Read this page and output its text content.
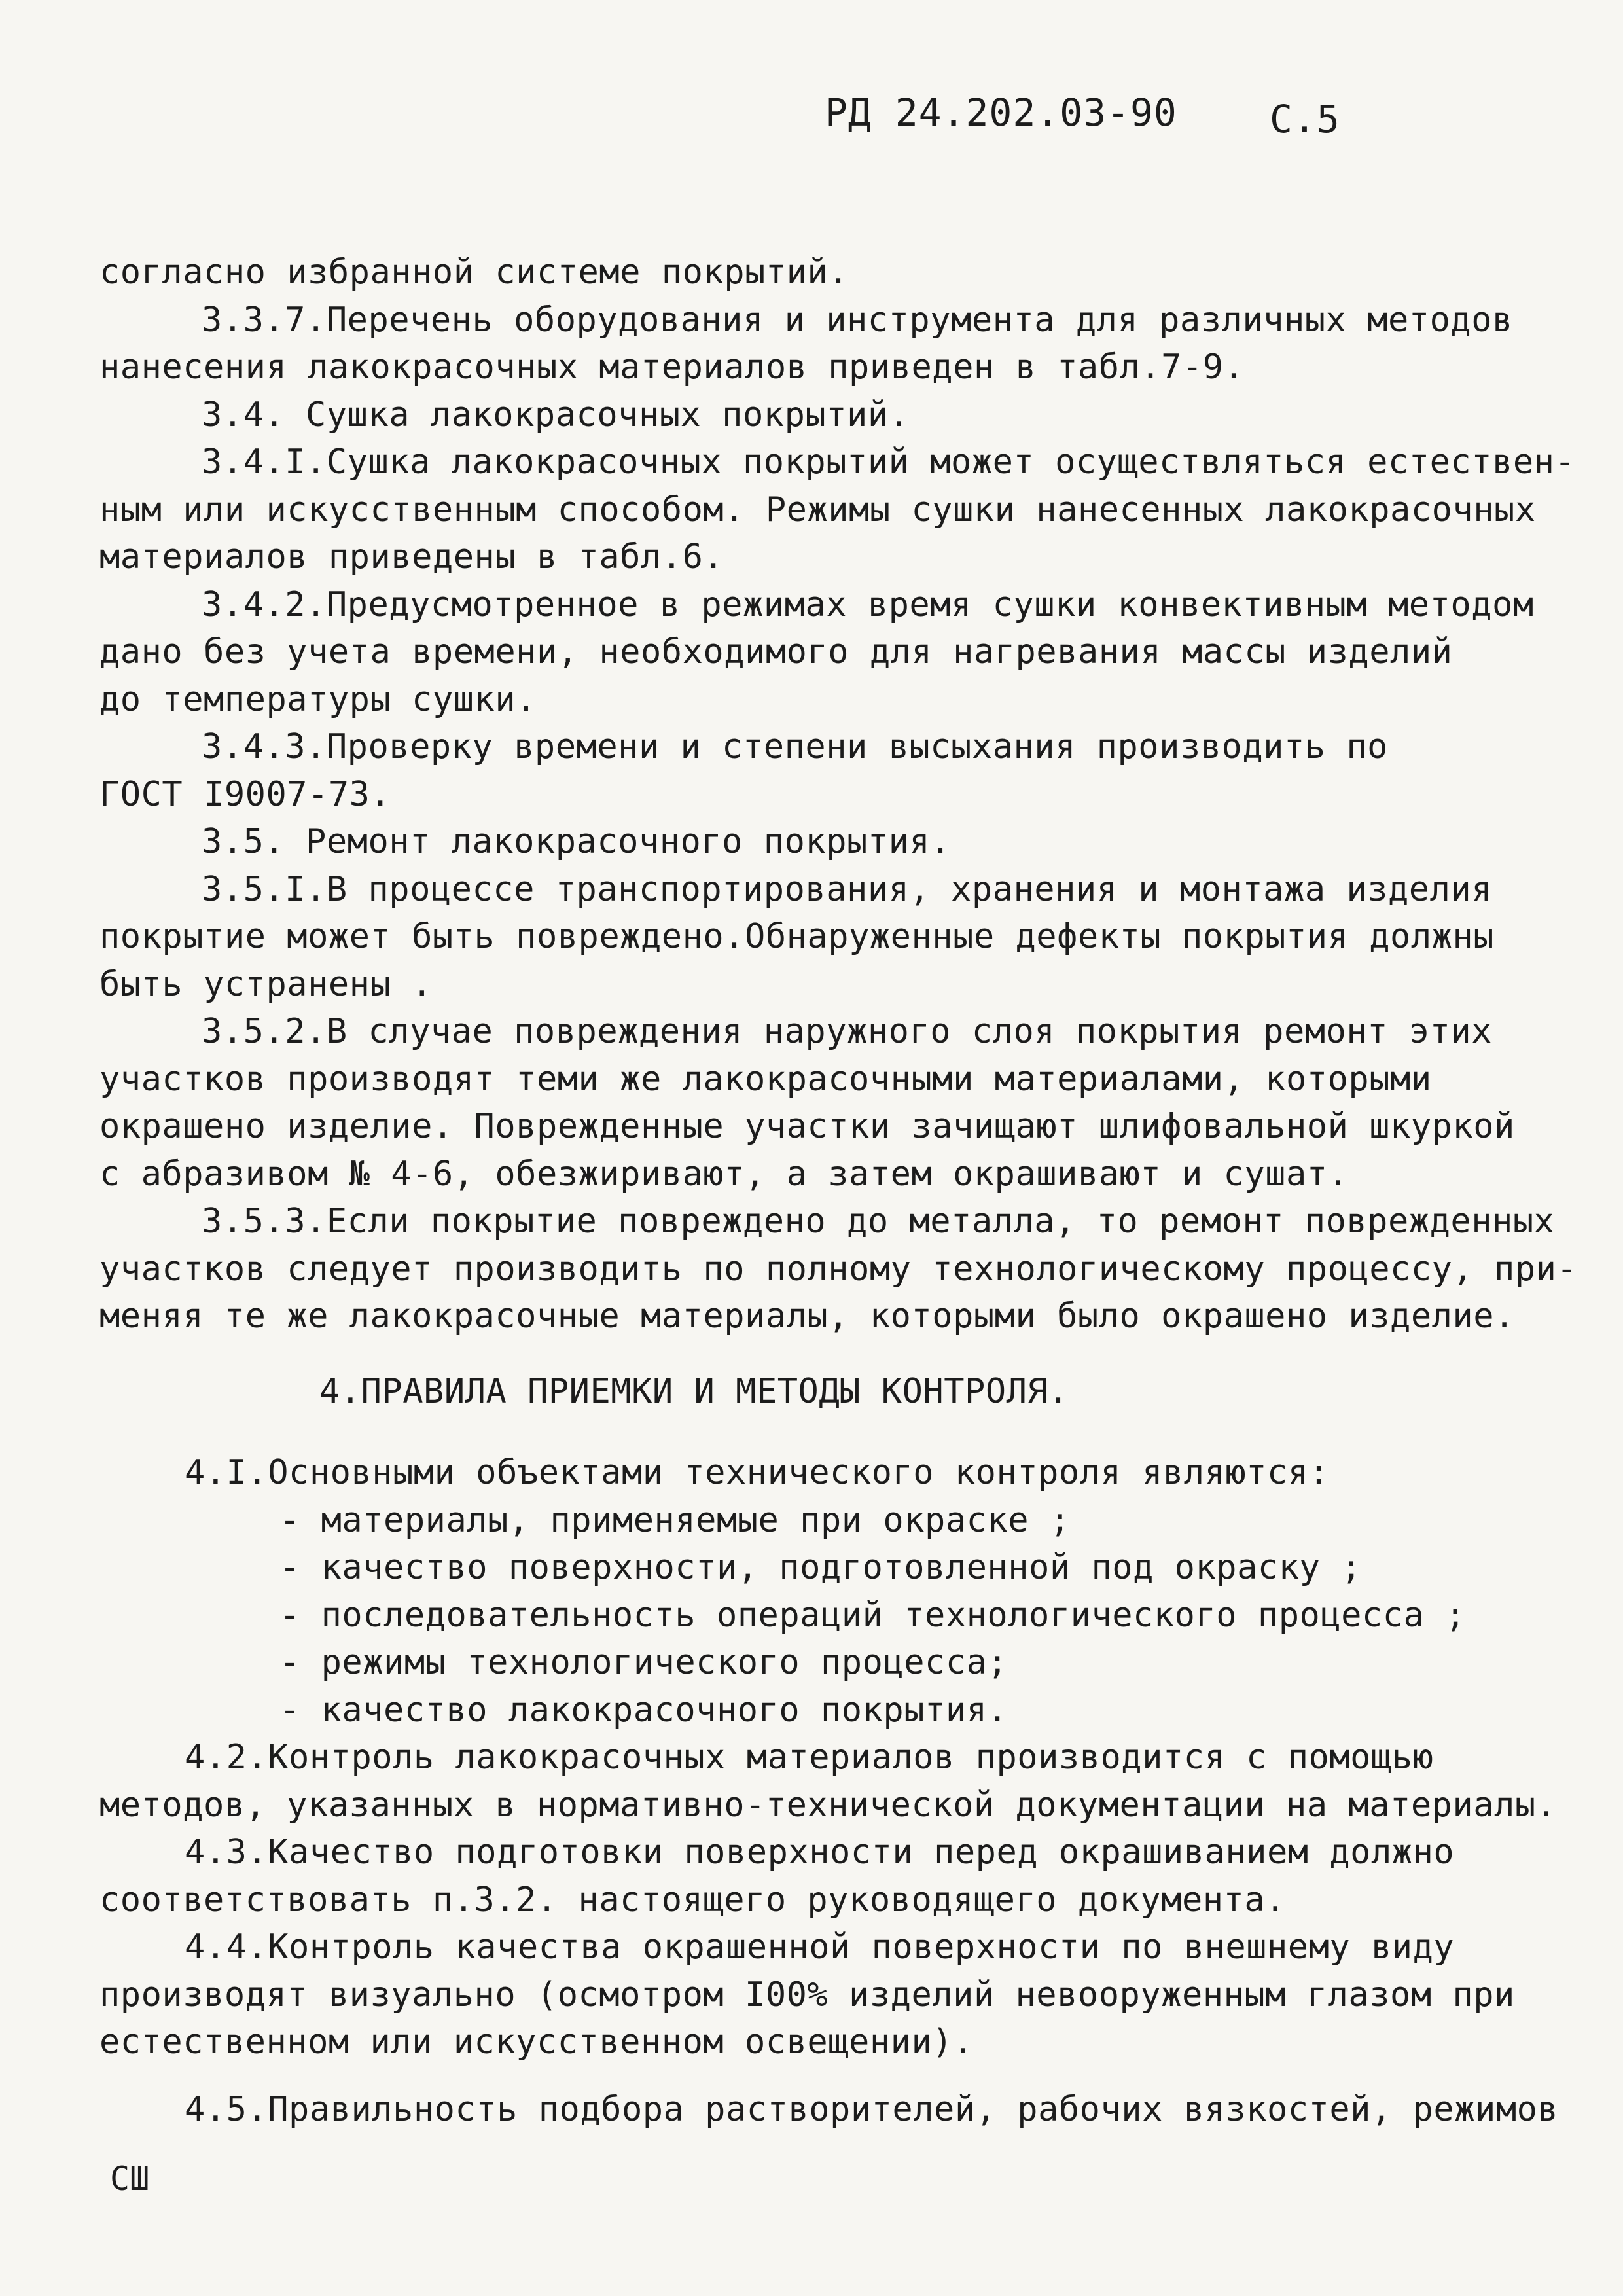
РД 24.202.03-90 С.5
согласно избранной системе покрытий.
3.3.7.Перечень оборудования и инструмента для различных методов
нанесения лакокрасочных материалов приведен в табл.7-9.
3.4. Сушка лакокрасочных покрытий.
3.4.I.Сушка лакокрасочных покрытий может осуществляться естествен-
ным или искусственным способом. Режимы сушки нанесенных лакокрасочных
материалов приведены в табл.6.
3.4.2.Предусмотренное в режимах время сушки конвективным методом
дано без учета времени, необходимого для нагревания массы изделий
до температуры сушки.
3.4.3.Проверку времени и степени высыхания производить по
ГОСТ I9007-73.
3.5. Ремонт лакокрасочного покрытия.
3.5.I.В процессе транспортирования, хранения и монтажа изделия
покрытие может быть повреждено.Обнаруженные дефекты покрытия должны
быть устранены .
3.5.2.В случае повреждения наружного слоя покрытия ремонт этих
участков производят теми же лакокрасочными материалами, которыми
окрашено изделие. Поврежденные участки зачищают шлифовальной шкуркой
с абразивом № 4-6, обезжиривают, а затем окрашивают и сушат.
3.5.3.Если покрытие повреждено до металла, то ремонт поврежденных
участков следует производить по полному технологическому процессу, при-
меняя те же лакокрасочные материалы, которыми было окрашено изделие.
4.ПРАВИЛА ПРИЕМКИ И МЕТОДЫ КОНТРОЛЯ.
4.I.Основными объектами технического контроля являются:
- материалы, применяемые при окраске ;
- качество поверхности, подготовленной под окраску ;
- последовательность операций технологического процесса ;
- режимы технологического процесса;
- качество лакокрасочного покрытия.
4.2.Контроль лакокрасочных материалов производится с помощью
методов, указанных в нормативно-технической документации на материалы.
4.3.Качество подготовки поверхности перед окрашиванием должно
соответствовать п.3.2. настоящего руководящего документа.
4.4.Контроль качества окрашенной поверхности по внешнему виду
производят визуально (осмотром I00% изделий невооруженным глазом при
естественном или искусственном освещении).
4.5.Правильность подбора растворителей, рабочих вязкостей, режимов
СШ
